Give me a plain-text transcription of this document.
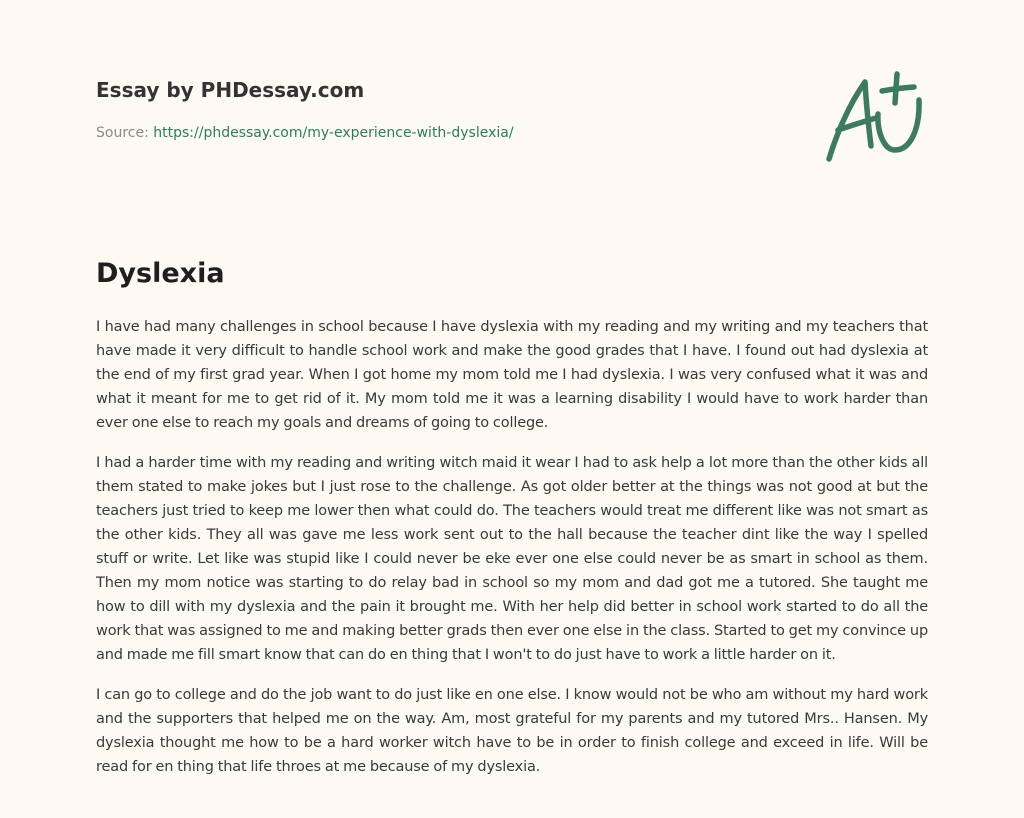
Essay by PHDessay.com
Source: https://phdessay.com/my-experience-with-dyslexia/
Dyslexia

I have had many challenges in school because I have dyslexia with my reading and my writing and my teachers that have made it very difficult to handle school work and make the good grades that I have. I found out had dyslexia at the end of my first grad year. When I got home my mom told me I had dyslexia. I was very confused what it was and what it meant for me to get rid of it. My mom told me it was a learning disability I would have to work harder than ever one else to reach my goals and dreams of going to college.

I had a harder time with my reading and writing witch maid it wear I had to ask help a lot more than the other kids all them stated to make jokes but I just rose to the challenge. As got older better at the things was not good at but the teachers just tried to keep me lower then what could do. The teachers would treat me different like was not smart as the other kids. They all was gave me less work sent out to the hall because the teacher dint like the way I spelled stuff or write. Let like was stupid like I could never be eke ever one else could never be as smart in school as them. Then my mom notice was starting to do relay bad in school so my mom and dad got me a tutored. She taught me how to dill with my dyslexia and the pain it brought me. With her help did better in school work started to do all the work that was assigned to me and making better grads then ever one else in the class. Started to get my convince up and made me fill smart know that can do en thing that I won't to do just have to work a little harder on it.

I can go to college and do the job want to do just like en one else. I know would not be who am without my hard work and the supporters that helped me on the way. Am, most grateful for my parents and my tutored Mrs.. Hansen. My dyslexia thought me how to be a hard worker witch have to be in order to finish college and exceed in life. Will be read for en thing that life throes at me because of my dyslexia.
